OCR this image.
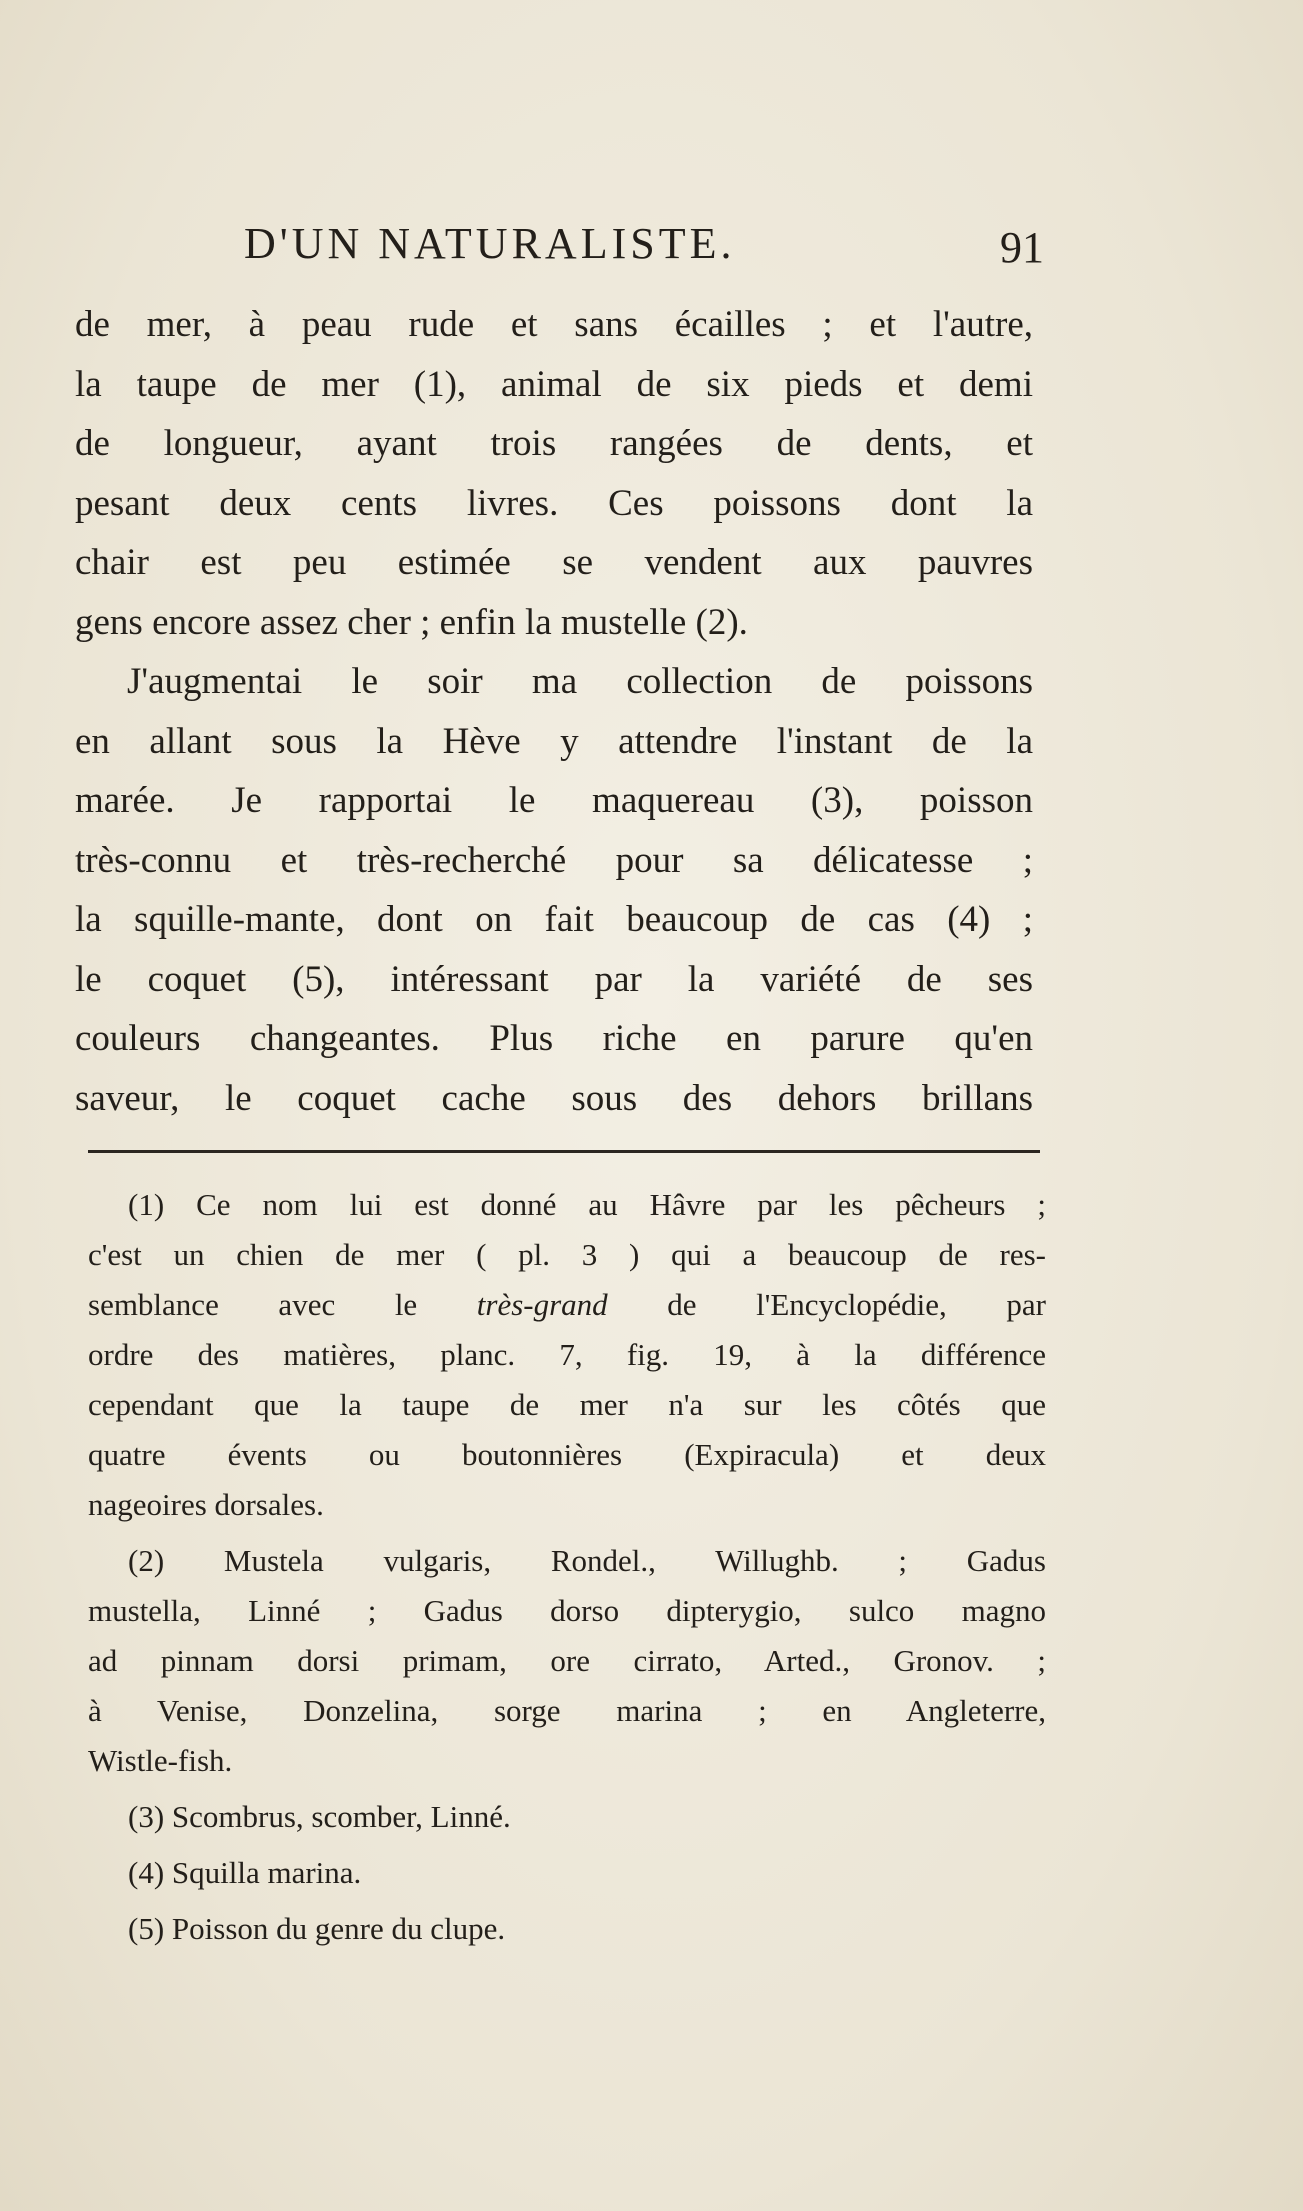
D'UN NATURALISTE.	91

de mer, à peau rude et sans écailles ; et l'autre,
la taupe de mer (1), animal de six pieds et demi
de longueur, ayant trois rangées de dents, et
pesant deux cents livres. Ces poissons dont la
chair est peu estimée se vendent aux pauvres
gens encore assez cher ; enfin la mustelle (2).

J'augmentai le soir ma collection de poissons
en allant sous la Hève y attendre l'instant de la
marée. Je rapportai le maquereau (3), poisson
très-connu et très-recherché pour sa délicatesse ;
la squille-mante, dont on fait beaucoup de cas (4) ;
le coquet (5), intéressant par la variété de ses
couleurs changeantes. Plus riche en parure qu'en
saveur, le coquet cache sous des dehors brillans

(1) Ce nom lui est donné au Hâvre par les pêcheurs ;
c'est un chien de mer ( pl. 3 ) qui a beaucoup de res-
semblance avec le très-grand de l'Encyclopédie, par
ordre des matières, planc. 7, fig. 19, à la différence
cependant que la taupe de mer n'a sur les côtés que
quatre évents ou boutonnières (Expiracula) et deux
nageoires dorsales.
(2) Mustela vulgaris, Rondel., Willughb. ; Gadus
mustella, Linné ; Gadus dorso dipterygio, sulco magno
ad pinnam dorsi primam, ore cirrato, Arted., Gronov. ;
à Venise, Donzelina, sorge marina ; en Angleterre,
Wistle-fish.
(3) Scombrus, scomber, Linné.
(4) Squilla marina.
(5) Poisson du genre du clupe.
